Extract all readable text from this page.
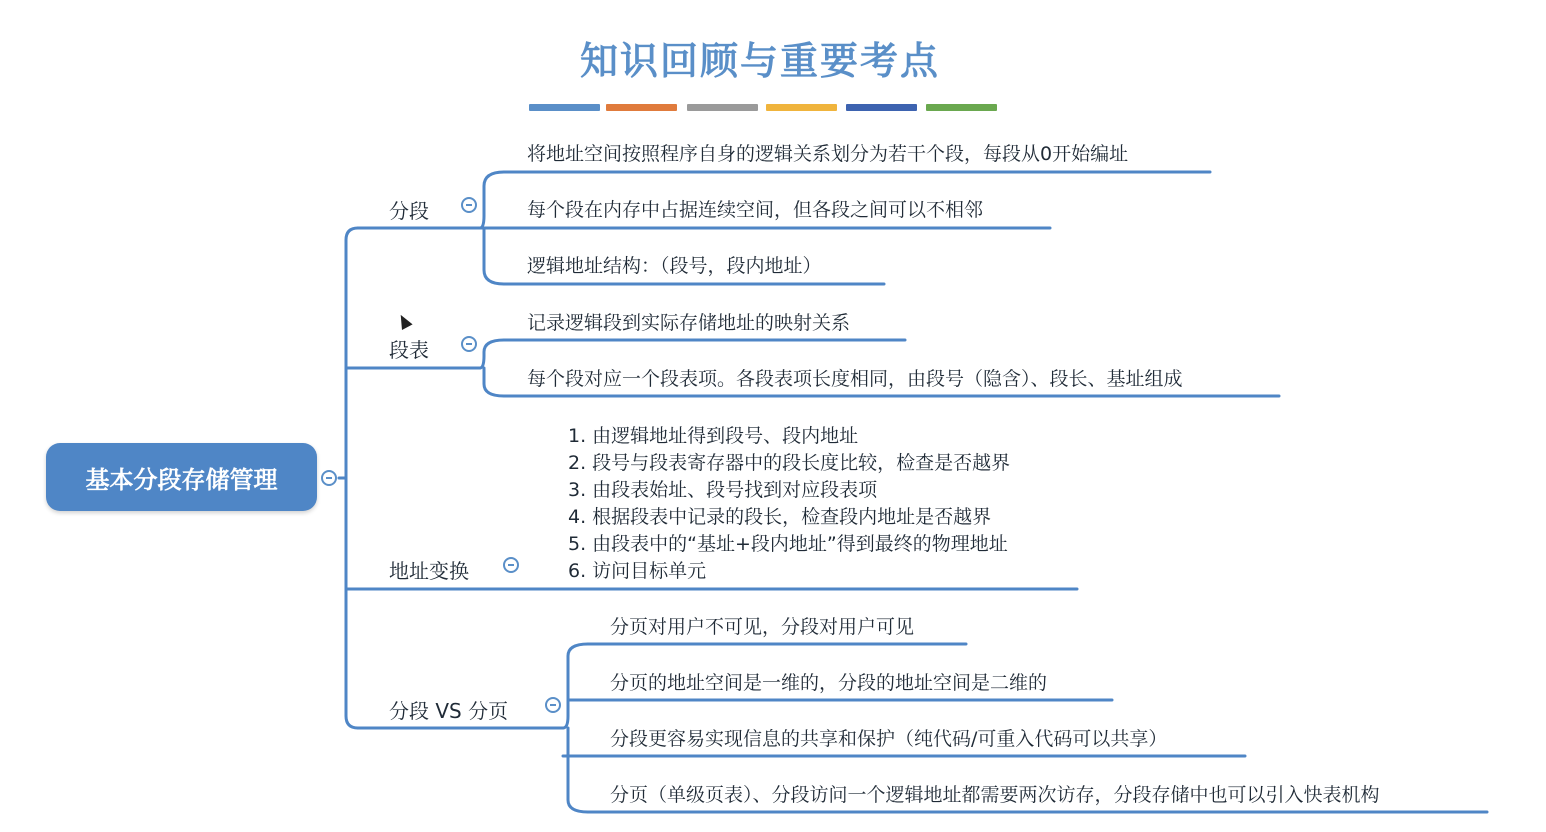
知识回顾与重要考点
基本分段存储管理
分段
将地址空间按照程序自身的逻辑关系划分为若干个段，每段从0开始编址
每个段在内存中占据连续空间，但各段之间可以不相邻
逻辑地址结构：（段号，段内地址）
段表
记录逻辑段到实际存储地址的映射关系
每个段对应一个段表项。各段表项长度相同，由段号（隐含）、段长、基址组成
地址变换
1. 由逻辑地址得到段号、段内地址
2. 段号与段表寄存器中的段长度比较，检查是否越界
3. 由段表始址、段号找到对应段表项
4. 根据段表中记录的段长，检查段内地址是否越界
5. 由段表中的“基址+段内地址”得到最终的物理地址
6. 访问目标单元
分段 VS 分页
分页对用户不可见，分段对用户可见
分页的地址空间是一维的，分段的地址空间是二维的
分段更容易实现信息的共享和保护（纯代码/可重入代码可以共享）
分页（单级页表）、分段访问一个逻辑地址都需要两次访存，分段存储中也可以引入快表机构
